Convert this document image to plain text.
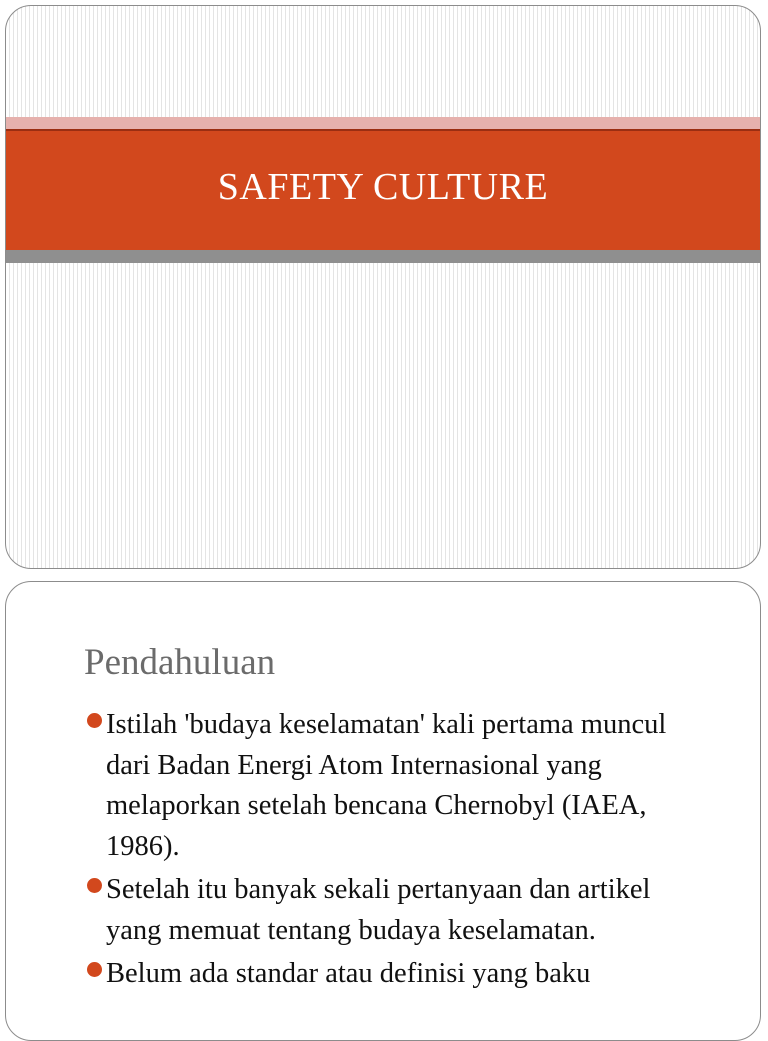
SAFETY CULTURE
Pendahuluan
Istilah 'budaya keselamatan' kali pertama muncul dari Badan Energi Atom Internasional yang melaporkan setelah bencana Chernobyl (IAEA, 1986).
Setelah itu banyak sekali pertanyaan dan artikel yang memuat tentang budaya keselamatan.
Belum ada standar atau definisi yang baku
